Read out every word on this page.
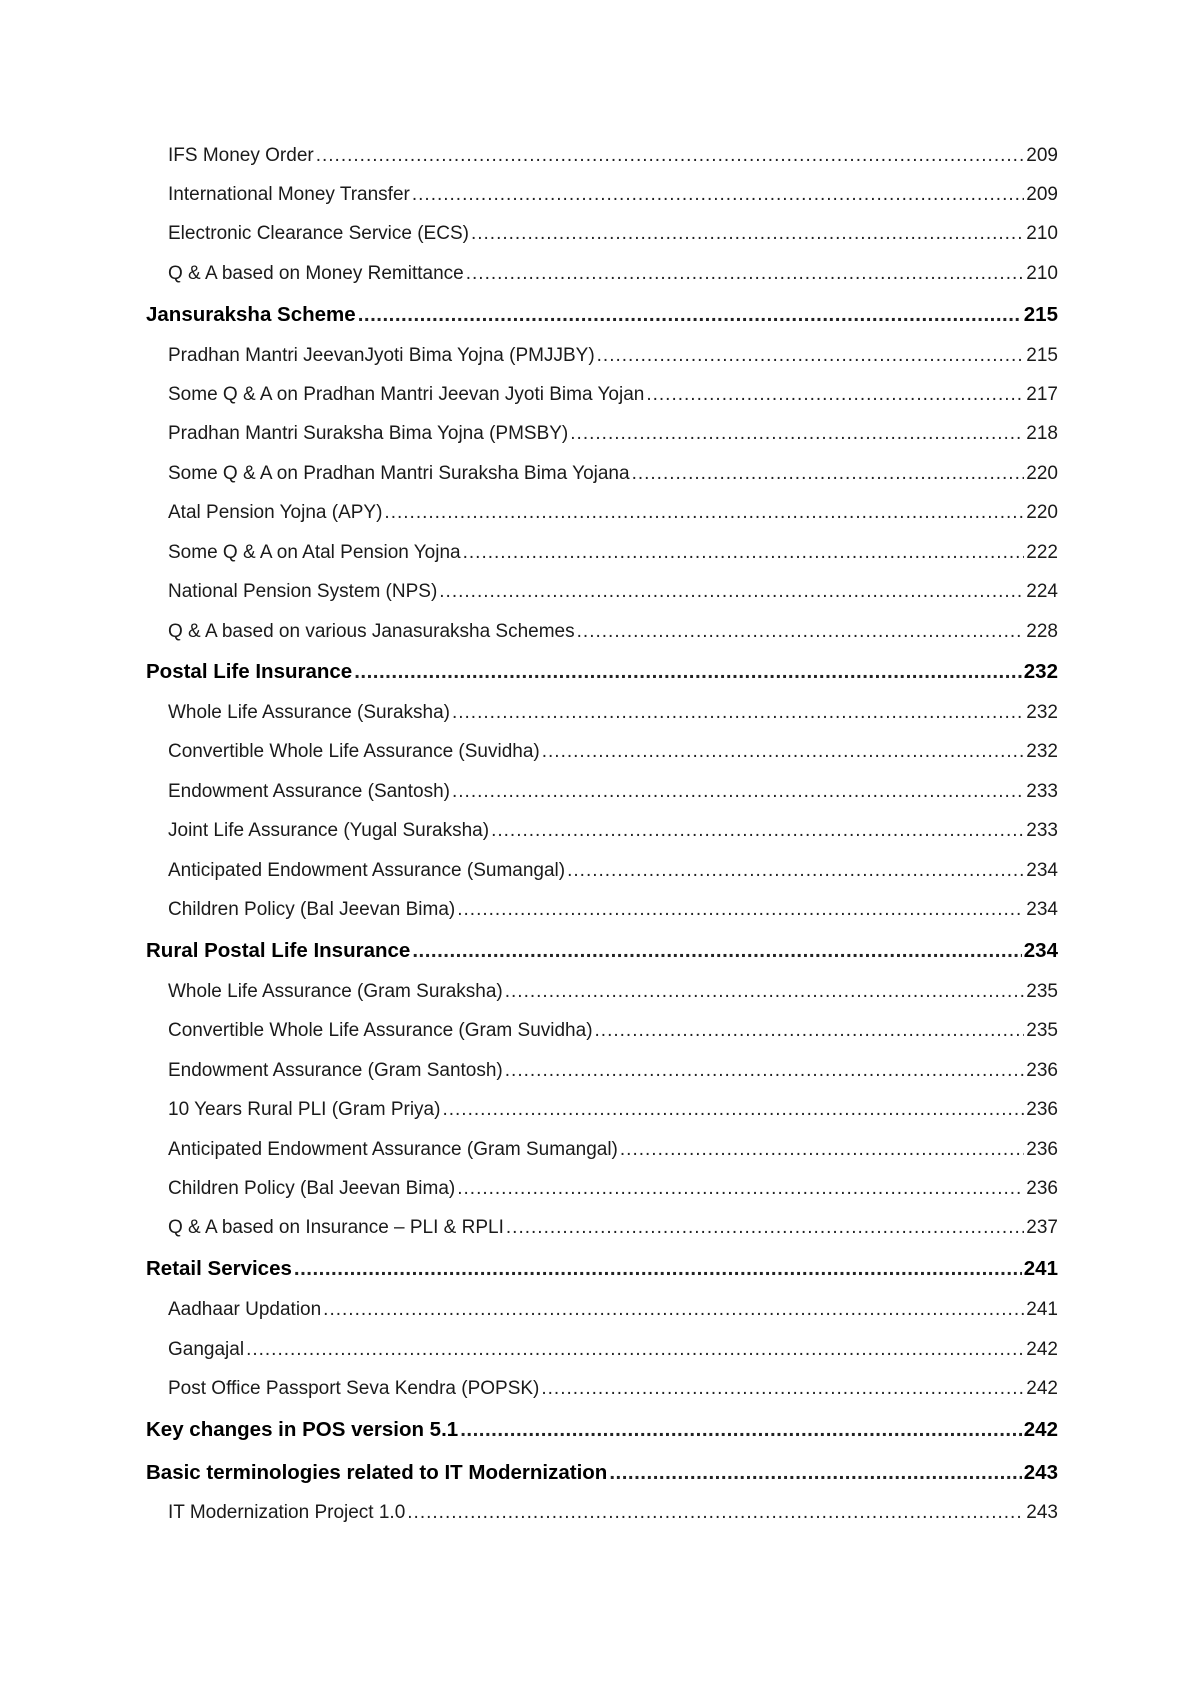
IFS Money Order .....	209
International Money Transfer .....	209
Electronic Clearance Service (ECS) .....	210
Q & A based on Money Remittance .....	210
Jansuraksha Scheme .....	215
Pradhan Mantri JeevanJyoti Bima Yojna (PMJJBY) .....	215
Some Q & A on Pradhan Mantri Jeevan Jyoti Bima Yojan .....	217
Pradhan Mantri Suraksha Bima Yojna (PMSBY) .....	218
Some Q & A on Pradhan Mantri Suraksha Bima Yojana .....	220
Atal Pension Yojna (APY) .....	220
Some Q & A on Atal Pension Yojna .....	222
National Pension System (NPS) .....	224
Q & A based on various Janasuraksha Schemes .....	228
Postal Life Insurance .....	232
Whole Life Assurance (Suraksha) .....	232
Convertible Whole Life Assurance (Suvidha) .....	232
Endowment Assurance (Santosh) .....	233
Joint Life Assurance (Yugal Suraksha) .....	233
Anticipated Endowment Assurance (Sumangal) .....	234
Children Policy (Bal Jeevan Bima) .....	234
Rural Postal Life Insurance .....	234
Whole Life Assurance (Gram Suraksha) .....	235
Convertible Whole Life Assurance (Gram Suvidha) .....	235
Endowment Assurance (Gram Santosh) .....	236
10 Years Rural PLI (Gram Priya) .....	236
Anticipated Endowment Assurance (Gram Sumangal) .....	236
Children Policy (Bal Jeevan Bima) .....	236
Q & A based on Insurance – PLI & RPLI .....	237
Retail Services .....	241
Aadhaar Updation .....	241
Gangajal .....	242
Post Office Passport Seva Kendra (POPSK) .....	242
Key changes in POS version 5.1 .....	242
Basic terminologies related to IT Modernization .....	243
IT Modernization Project 1.0 .....	243
